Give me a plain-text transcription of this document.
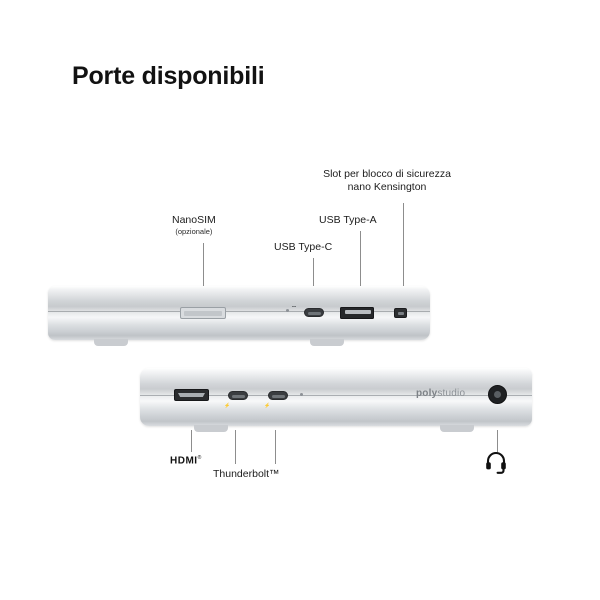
Porte disponibili
Slot per blocco di sicurezza
nano Kensington
USB Type-A
NanoSIM
(opzionale)
USB Type-C
⎓
⚡	⚡
polystudio
HDMI®
Thunderbolt™
